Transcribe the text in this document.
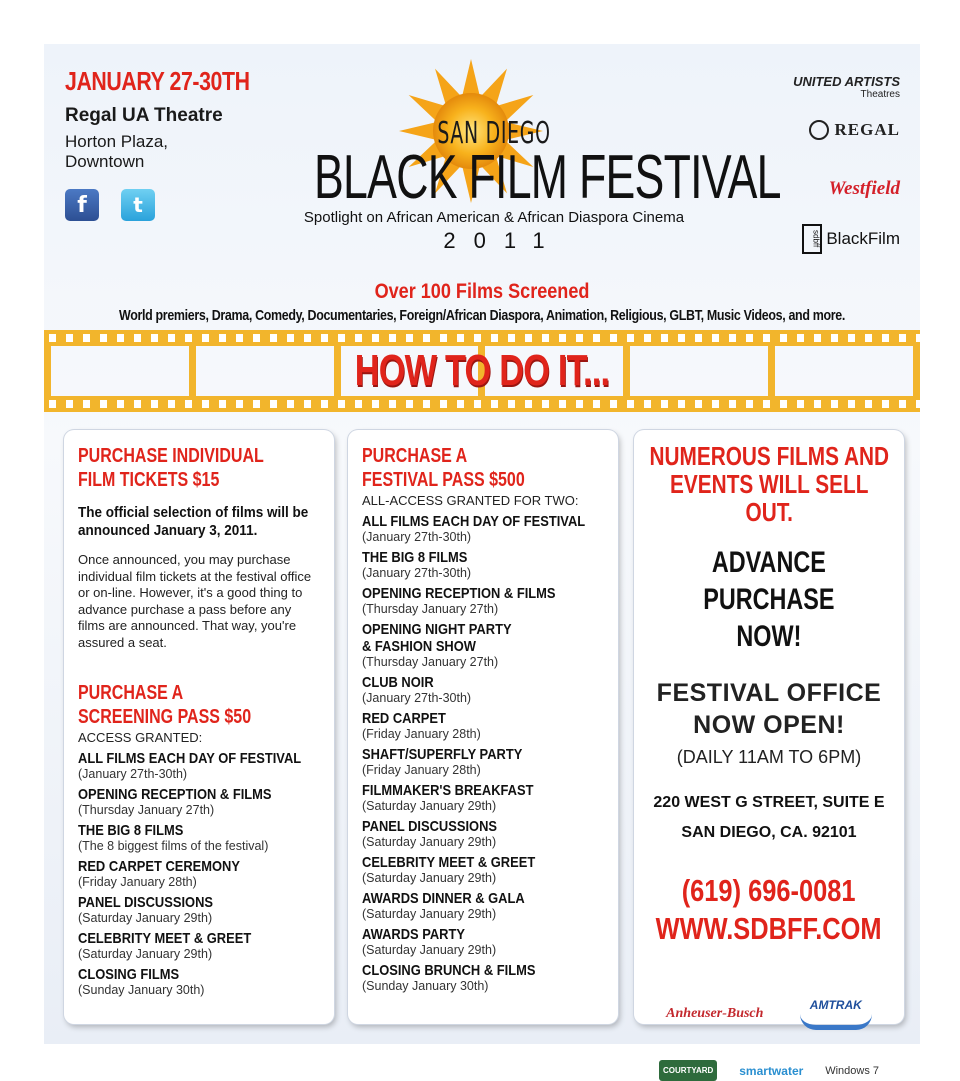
JANUARY 27-30TH
Regal UA Theatre
Horton Plaza,
Downtown
f	t
SAN DIEGO
BLACK FILM FESTIVAL
Spotlight on African American & African Diaspora Cinema
2011
UNITED ARTISTS
Theatres
REGAL
Westfield
sdbff BlackFilm
Over 100 Films Screened
World premiers, Drama, Comedy, Documentaries, Foreign/African Diaspora, Animation, Religious, GLBT, Music Videos, and more.
HOW TO DO IT...
PURCHASE INDIVIDUAL
FILM TICKETS $15
The official selection of films will be announced January 3, 2011.
Once announced, you may purchase individual film tickets at the festival office or on-line. However, it's a good thing to advance purchase a pass before any films are announced. That way, you're assured a seat.
PURCHASE A
SCREENING PASS $50
ACCESS GRANTED:
ALL FILMS EACH DAY OF FESTIVAL
(January 27th-30th)
OPENING RECEPTION & FILMS
(Thursday January 27th)
THE BIG 8 FILMS
(The 8 biggest films of the festival)
RED CARPET CEREMONY
(Friday January 28th)
PANEL DISCUSSIONS
(Saturday January 29th)
CELEBRITY MEET & GREET
(Saturday January 29th)
CLOSING FILMS
(Sunday January 30th)
PURCHASE A
FESTIVAL PASS $500
ALL-ACCESS GRANTED FOR TWO:
ALL FILMS EACH DAY OF FESTIVAL
(January 27th-30th)
THE BIG 8 FILMS
(January 27th-30th)
OPENING RECEPTION & FILMS
(Thursday January 27th)
OPENING NIGHT PARTY
& FASHION SHOW
(Thursday January 27th)
CLUB NOIR
(January 27th-30th)
RED CARPET
(Friday January 28th)
SHAFT/SUPERFLY PARTY
(Friday January 28th)
FILMMAKER'S BREAKFAST
(Saturday January 29th)
PANEL DISCUSSIONS
(Saturday January 29th)
CELEBRITY MEET & GREET
(Saturday January 29th)
AWARDS DINNER & GALA
(Saturday January 29th)
AWARDS PARTY
(Saturday January 29th)
CLOSING BRUNCH & FILMS
(Sunday January 30th)
NUMEROUS FILMS AND
EVENTS WILL SELL OUT.
ADVANCE PURCHASE
NOW!
FESTIVAL OFFICE
NOW OPEN!
(DAILY 11AM TO 6PM)
220 WEST G STREET, SUITE E
SAN DIEGO, CA. 92101
(619) 696-0081
WWW.SDBFF.COM
Anheuser-Busch
AMTRAK
COURTYARD	smartwater Windows 7
